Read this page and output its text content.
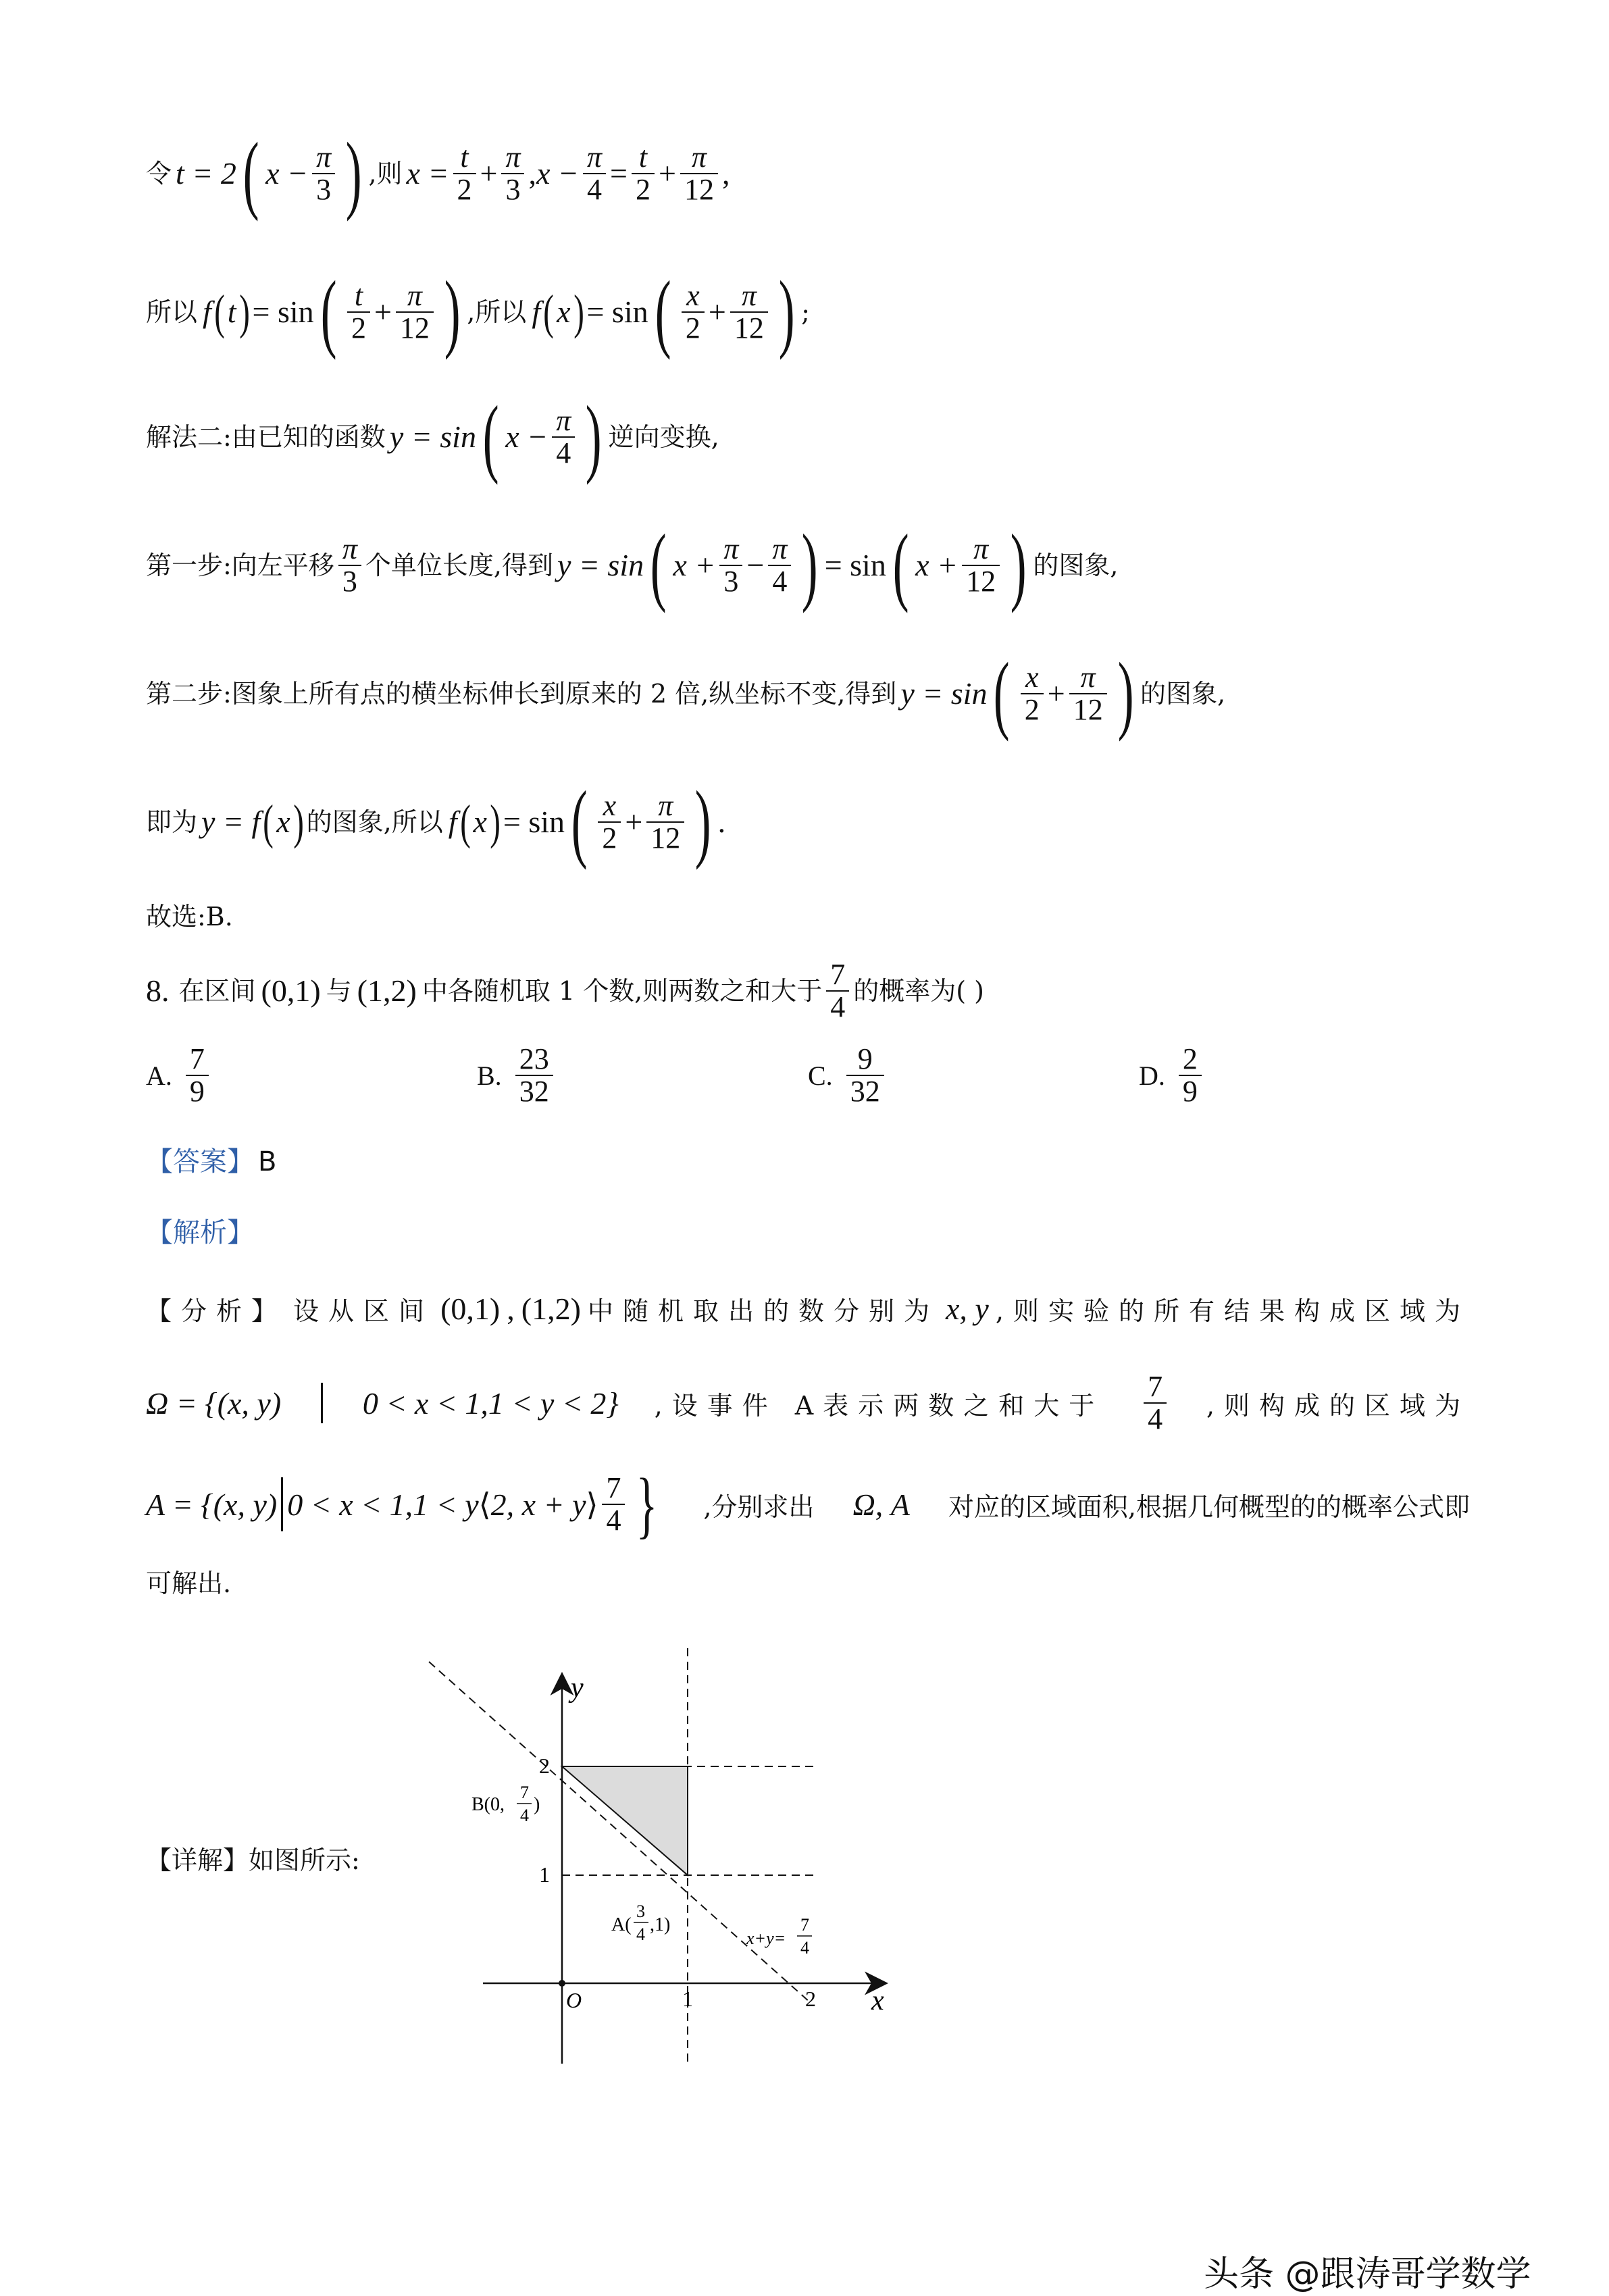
令 t = 2 ( $x - \frac{\pi}{3}$ ) ,则 $x = \frac{t}{2} + \frac{\pi}{3}$ , $x - \frac{\pi}{4} = \frac{t}{2} + \frac{\pi}{12}$ ,
所以 f ( t ) = sin ( $\frac{t}{2} + \frac{\pi}{12}$ ) ,所以 f ( x ) = sin ( $\frac{x}{2} + \frac{\pi}{12}$ ) ;
解法二:由已知的函数 y = sin ( $x - \frac{\pi}{4}$ ) 逆向变换,
第一步:向左平移 $\frac{\pi}{3}$ 个单位长度,得到 y = sin ( $x + \frac{\pi}{3} - \frac{\pi}{4}$ ) = sin ( $x + \frac{\pi}{12}$ ) 的图象,
第二步:图象上所有点的横坐标伸长到原来的 2 倍,纵坐标不变,得到 y = sin ( $\frac{x}{2} + \frac{\pi}{12}$ ) 的图象,
即为 y = f ( x ) 的图象,所以 f ( x ) = sin ( $\frac{x}{2} + \frac{\pi}{12}$ ) .
故选:B.
8. 在区间 (0,1) 与 (1,2) 中各随机取 1 个数,则两数之和大于 $\frac{7}{4}$ 的概率为( )
A. $\frac{7}{9}$	B. $\frac{23}{32}$	C. $\frac{9}{32}$	D. $\frac{2}{9}$
【答案】 B
【解析】
【分析】 设从区间 (0,1) , (1,2) 中随机取出的数分别为 x, y ,则实验的所有结果构成区域为
Ω = {(x, y)	0 < x < 1,1 < y < 2} ,设事件 A表示两数之和大于 $\frac{7}{4}$ ,则构成的区域为
A = {(x, y) 0 < x < 1,1 < y ⟨ 2, x + y ⟩ $\frac{7}{4}$ } ,分别求出 Ω, A 对应的区域面积,根据几何概型的的概率公式即
可解出.
【详解】如图所示:
y
x
O	1	2
1
2
B(0,
7
4
)
A(
3
4 ,1)
x+y=
7
4
头条 @跟涛哥学数学
